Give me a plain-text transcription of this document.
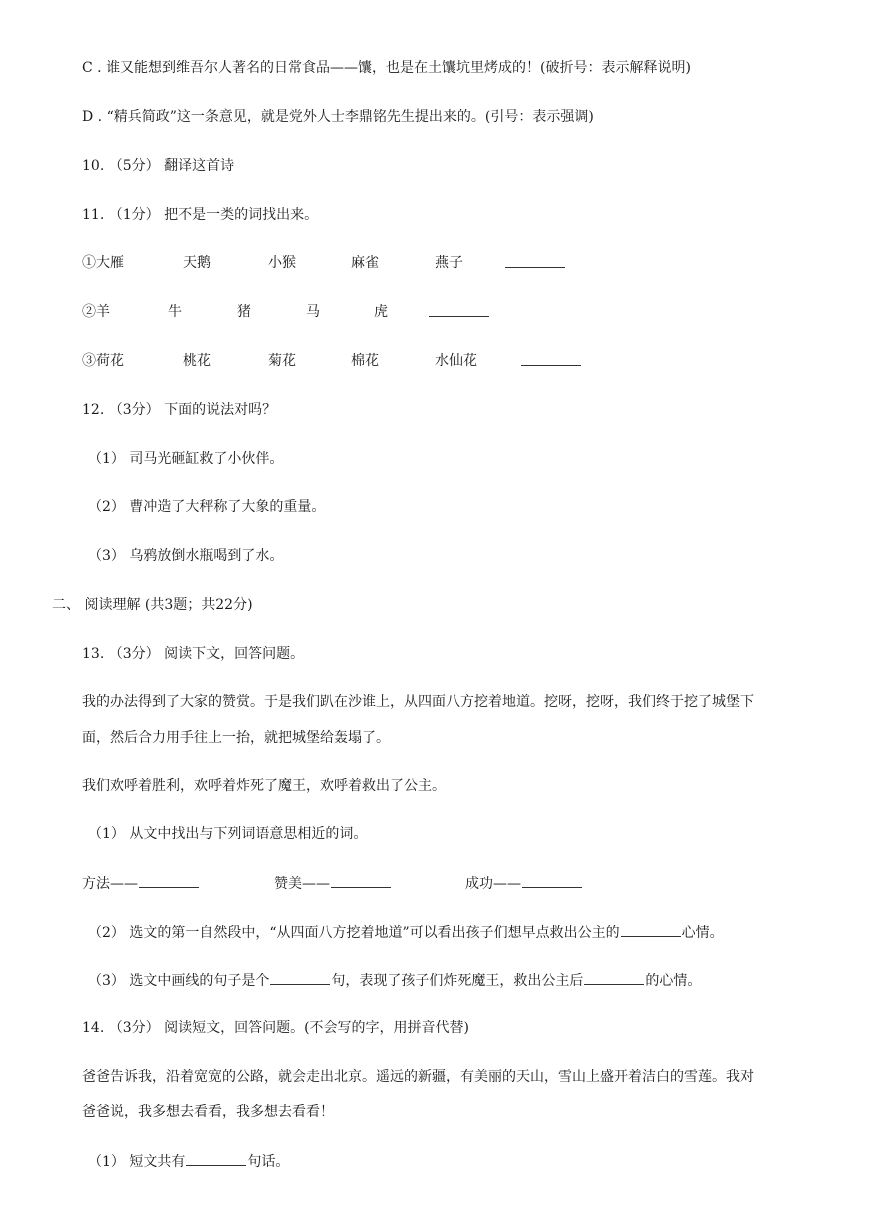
C . 谁又能想到维吾尔人著名的日常食品——馕，也是在土馕坑里烤成的！(破折号：表示解释说明)
D . “精兵简政”这一条意见，就是党外人士李鼎铭先生提出来的。(引号：表示强调)
10. （5分） 翻译这首诗
11. （1分） 把不是一类的词找出来。
①大雁	天鹅	小猴	麻雀	燕子
②羊	牛	猪	马	虎
③荷花	桃花	菊花	棉花	水仙花
12. （3分） 下面的说法对吗？
（1） 司马光砸缸救了小伙伴。
（2） 曹冲造了大秤称了大象的重量。
（3） 乌鸦放倒水瓶喝到了水。
二、 阅读理解 (共3题；共22分)
13. （3分） 阅读下文，回答问题。
我的办法得到了大家的赞赏。于是我们趴在沙谁上，从四面八方挖着地道。挖呀，挖呀，我们终于挖了城堡下
面，然后合力用手往上一抬，就把城堡给轰塌了。
我们欢呼着胜利，欢呼着炸死了魔王，欢呼着救出了公主。
（1） 从文中找出与下列词语意思相近的词。
方法——	赞美——	成功——
（2） 选文的第一自然段中，“从四面八方挖着地道”可以看出孩子们想早点救出公主的	心情。
（3） 选文中画线的句子是个	句，表现了孩子们炸死魔王，救出公主后	的心情。
14. （3分） 阅读短文，回答问题。(不会写的字，用拼音代替)
爸爸告诉我，沿着宽宽的公路，就会走出北京。遥远的新疆，有美丽的天山，雪山上盛开着洁白的雪莲。我对
爸爸说，我多想去看看，我多想去看看！
（1） 短文共有	句话。
